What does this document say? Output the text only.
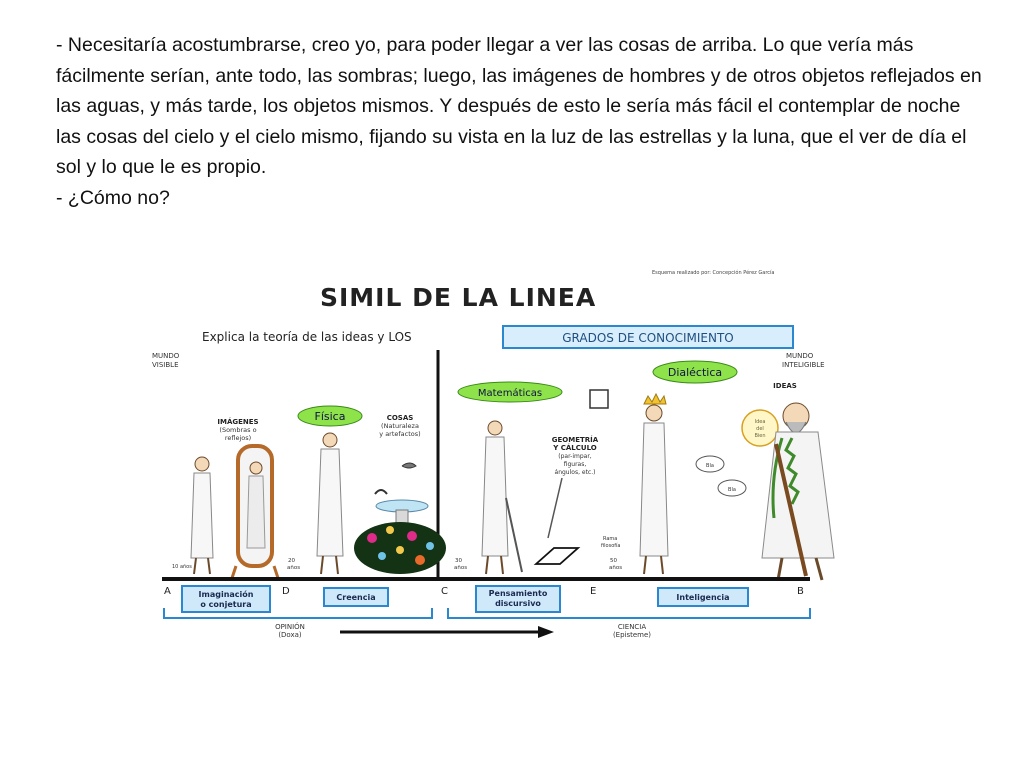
- Necesitaría acostumbrarse, creo yo, para poder llegar a ver las cosas de arriba. Lo que vería más fácilmente serían, ante todo, las sombras; luego, las imágenes de hombres y de otros objetos reflejados en las aguas, y más tarde, los objetos mismos. Y después de esto le sería más fácil el contemplar de noche las cosas del cielo y el cielo mismo, fijando su vista en la luz de las estrellas y la luna, que el ver de día el sol y lo que le es propio.

- ¿Cómo no?

Esquema realizado por: Concepción Pérez García
SIMIL DE LA LINEA
Explica la teoría de las ideas y LOS	GRADOS DE CONOCIMIENTO
MUNDO
VISIBLE
MUNDO
INTELIGIBLE
Física
Matemáticas
Dialéctica
IMÁGENES
(Sombras o
reflejos)
COSAS
(Naturaleza
y artefactos)
GEOMETRÍA
Y CÁLCULO
(par-impar,
figuras,
ángulos, etc.)
IDEAS
10 años
20
años
30
años
Rama
filosofía
50
años
Bla
Bla
Idea
del
Bien
A	D	C	E	B
Imaginación
o conjetura
Creencia	Pensamiento
discursivo
Inteligencia
OPINIÓN
(Doxa)
CIENCIA
(Episteme)
